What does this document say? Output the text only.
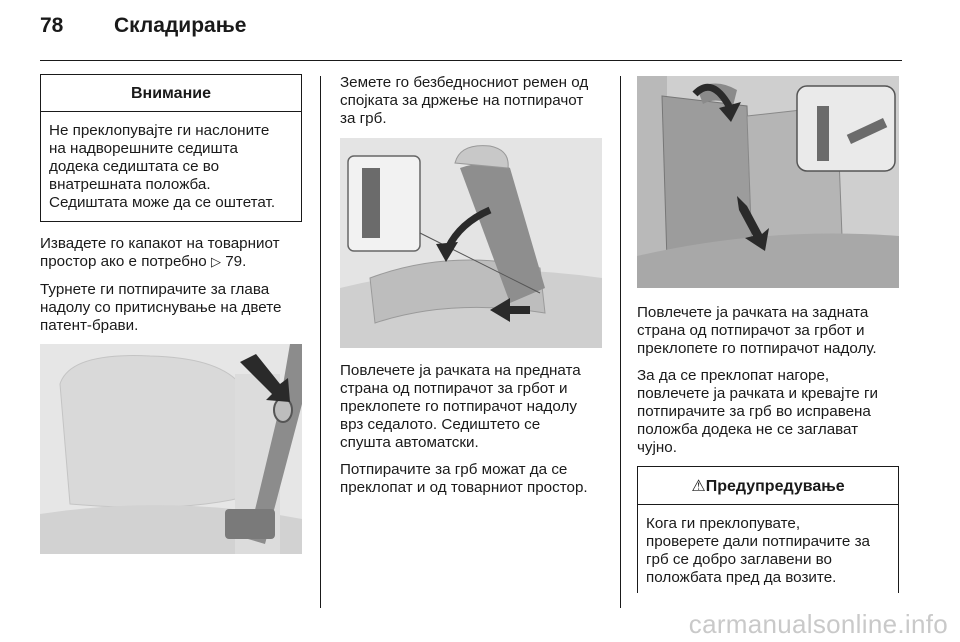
78 Складирање
Внимание
Не преклопувајте ги наслоните
на надворешните седишта
додека седиштата се во
внатрешната положба.
Седиштата може да се оштетат.

Извадете го капакот на товарниот
простор ако е потребно ▷ 79.

Турнете ги потпирачите за глава
надолу со притиснување на двете
патент-брави.

Земете го безбедносниот ремен од
спојката за држење на потпирачот
за грб.

Повлечете ја рачката на предната
страна од потпирачот за грбот и
преклопете го потпирачот надолу
врз седалото. Седиштето се
спушта автоматски.

Потпирачите за грб можат да се
преклопат и од товарниот простор.

Повлечете ја рачката на задната
страна од потпирачот за грбот и
преклопете го потпирачот надолу.

За да се преклопат нагоре,
повлечете ја рачката и кревајте ги
потпирачите за грб во исправена
положба додека не се заглават
чујно.

⚠Предупредување
Кога ги преклопувате,
проверете дали потпирачите за
грб се добро заглавени во
положбата пред да возите.
carmanualsonline.info
